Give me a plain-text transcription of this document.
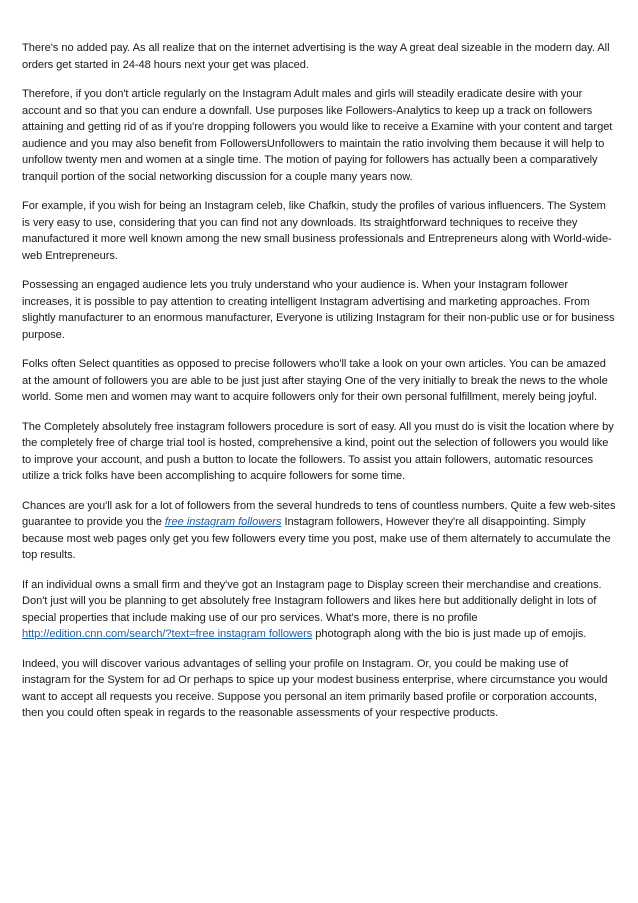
There's no added pay. As all realize that on the internet advertising is the way A great deal sizeable in the modern day. All orders get started in 24-48 hours next your get was placed.

Therefore, if you don't article regularly on the Instagram Adult males and girls will steadily eradicate desire with your account and so that you can endure a downfall. Use purposes like Followers-Analytics to keep up a track on followers attaining and getting rid of as if you're dropping followers you would like to receive a Examine with your content and target audience and you may also benefit from FollowersUnfollowers to maintain the ratio involving them because it will help to unfollow twenty men and women at a single time. The motion of paying for followers has actually been a comparatively tranquil portion of the social networking discussion for a couple many years now.

For example, if you wish for being an Instagram celeb, like Chafkin, study the profiles of various influencers. The System is very easy to use, considering that you can find not any downloads. Its straightforward techniques to receive they manufactured it more well known among the new small business professionals and Entrepreneurs along with World-wide-web Entrepreneurs.

Possessing an engaged audience lets you truly understand who your audience is. When your Instagram follower increases, it is possible to pay attention to creating intelligent Instagram advertising and marketing approaches. From slightly manufacturer to an enormous manufacturer, Everyone is utilizing Instagram for their non-public use or for business purpose.

Folks often Select quantities as opposed to precise followers who'll take a look on your own articles. You can be amazed at the amount of followers you are able to be just just after staying One of the very initially to break the news to the whole world. Some men and women may want to acquire followers only for their own personal fulfillment, merely being joyful.

The Completely absolutely free instagram followers procedure is sort of easy. All you must do is visit the location where by the completely free of charge trial tool is hosted, comprehensive a kind, point out the selection of followers you would like to improve your account, and push a button to locate the followers. To assist you attain followers, automatic resources utilize a trick folks have been accomplishing to acquire followers for some time.

Chances are you'll ask for a lot of followers from the several hundreds to tens of countless numbers. Quite a few web-sites guarantee to provide you the free instagram followers Instagram followers, However they're all disappointing. Simply because most web pages only get you few followers every time you post, make use of them alternately to accumulate the top results.

If an individual owns a small firm and they've got an Instagram page to Display screen their merchandise and creations. Don't just will you be planning to get absolutely free Instagram followers and likes here but additionally delight in lots of special properties that include making use of our pro services. What's more, there is no profile http://edition.cnn.com/search/?text=free instagram followers photograph along with the bio is just made up of emojis.

Indeed, you will discover various advantages of selling your profile on Instagram. Or, you could be making use of instagram for the System for ad Or perhaps to spice up your modest business enterprise, where circumstance you would want to accept all requests you receive. Suppose you personal an item primarily based profile or corporation accounts, then you could often speak in regards to the reasonable assessments of your respective products.
